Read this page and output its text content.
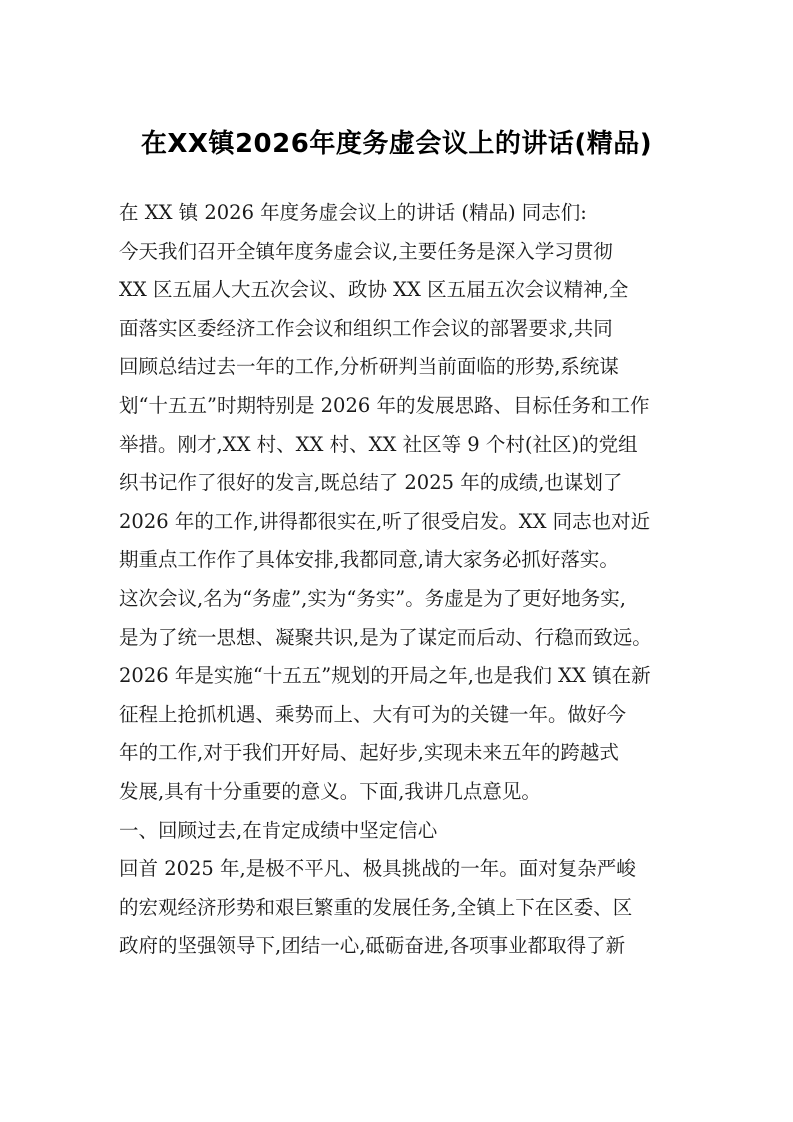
在XX镇2026年度务虚会议上的讲话(精品)
在 XX 镇 2026 年度务虚会议上的讲话 (精品) 同志们:
今天我们召开全镇年度务虚会议,主要任务是深入学习贯彻
XX 区五届人大五次会议、政协 XX 区五届五次会议精神,全
面落实区委经济工作会议和组织工作会议的部署要求,共同
回顾总结过去一年的工作,分析研判当前面临的形势,系统谋
划“十五五”时期特别是 2026 年的发展思路、目标任务和工作
举措。刚才,XX 村、XX 村、XX 社区等 9 个村(社区)的党组
织书记作了很好的发言,既总结了 2025 年的成绩,也谋划了
2026 年的工作,讲得都很实在,听了很受启发。XX 同志也对近
期重点工作作了具体安排,我都同意,请大家务必抓好落实。
这次会议,名为“务虚”,实为“务实”。务虚是为了更好地务实,
是为了统一思想、凝聚共识,是为了谋定而后动、行稳而致远。
2026 年是实施“十五五”规划的开局之年,也是我们 XX 镇在新
征程上抢抓机遇、乘势而上、大有可为的关键一年。做好今
年的工作,对于我们开好局、起好步,实现未来五年的跨越式
发展,具有十分重要的意义。下面,我讲几点意见。
一、回顾过去,在肯定成绩中坚定信心
回首 2025 年,是极不平凡、极具挑战的一年。面对复杂严峻
的宏观经济形势和艰巨繁重的发展任务,全镇上下在区委、区
政府的坚强领导下,团结一心,砥砺奋进,各项事业都取得了新
